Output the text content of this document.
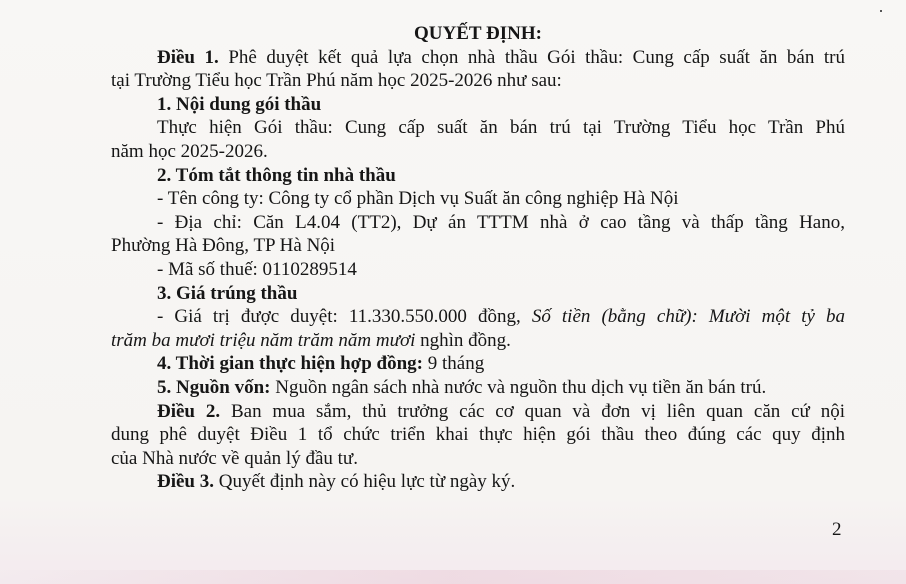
QUYẾT ĐỊNH:

Điều 1. Phê duyệt kết quả lựa chọn nhà thầu Gói thầu: Cung cấp suất ăn bán trú

tại Trường Tiểu học Trần Phú năm học 2025-2026 như sau:

1. Nội dung gói thầu

Thực hiện Gói thầu: Cung cấp suất ăn bán trú tại Trường Tiểu học Trần Phú

năm học 2025-2026.

2. Tóm tắt thông tin nhà thầu

- Tên công ty: Công ty cổ phần Dịch vụ Suất ăn công nghiệp Hà Nội

- Địa chỉ: Căn L4.04 (TT2), Dự án TTTM nhà ở cao tầng và thấp tầng Hano,

Phường Hà Đông, TP Hà Nội

- Mã số thuế: 0110289514

3. Giá trúng thầu

- Giá trị được duyệt: 11.330.550.000 đồng, Số tiền (bằng chữ): Mười một tỷ ba

trăm ba mươi triệu năm trăm năm mươi nghìn đồng.

4. Thời gian thực hiện hợp đồng: 9 tháng

5. Nguồn vốn: Nguồn ngân sách nhà nước và nguồn thu dịch vụ tiền ăn bán trú.

Điều 2. Ban mua sắm, thủ trưởng các cơ quan và đơn vị liên quan căn cứ nội

dung phê duyệt Điều 1 tổ chức triển khai thực hiện gói thầu theo đúng các quy định

của Nhà nước về quản lý đầu tư.

Điều 3. Quyết định này có hiệu lực từ ngày ký.

2
